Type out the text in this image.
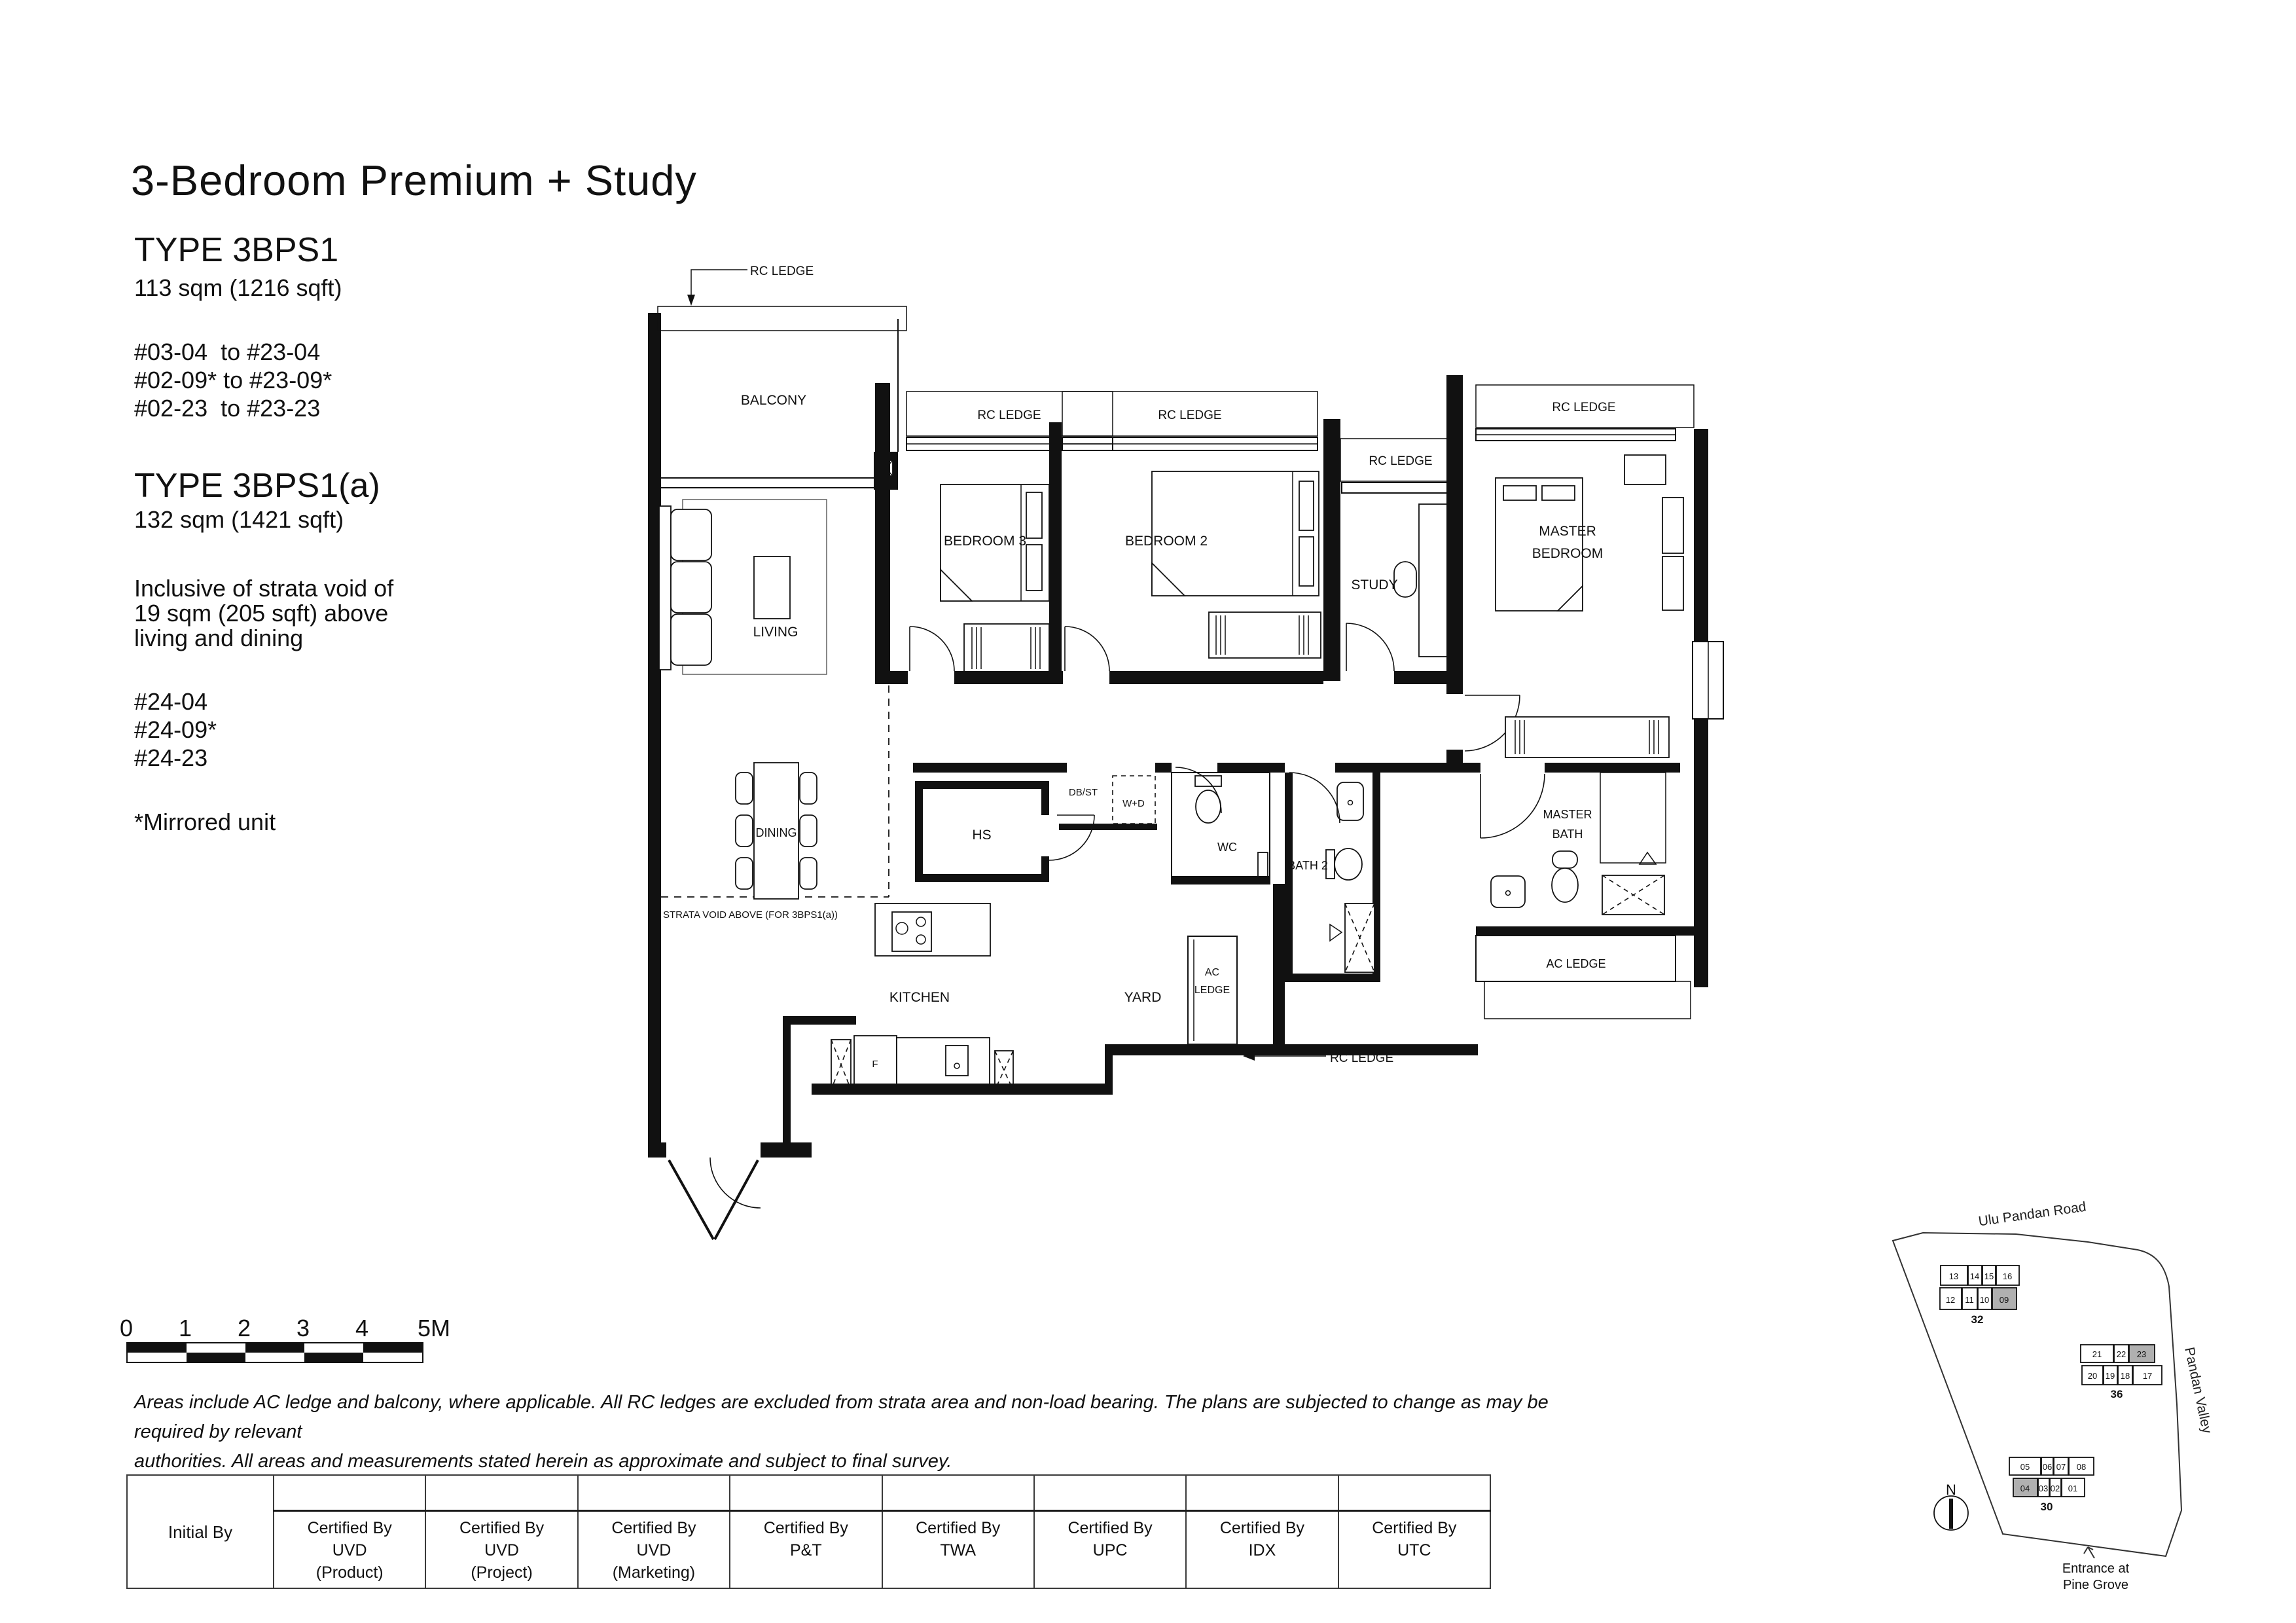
3-Bedroom Premium + Study
TYPE 3BPS1
113 sqm (1216 sqft)
#03-04  to #23-04
#02-09* to #23-09*
#02-23  to #23-23
TYPE 3BPS1(a)
132 sqm (1421 sqft)
Inclusive of strata void of
19 sqm (205 sqft) above
living and dining
#24-04
#24-09*
#24-23
*Mirrored unit
RC LEDGE
BALCONY
LIVING
RC LEDGE
BEDROOM 3
RC LEDGE
BEDROOM 2
RC LEDGE
STUDY
RC LEDGE
MASTER
BEDROOM
STRATA VOID ABOVE (FOR 3BPS1(a))
DINING	HS
DB/ST
W+D
WC
BATH 2
MASTER
BATH
AC LEDGE
KITCHEN
F
YARD
AC
LEDGE
RC LEDGE
Ulu Pandan Road
Pandan Valley
13 14 15 16
12 11 10 09
32
21 22 23
20 19 18 17
36
05 06 07 08
04 03 02 01
30
N
Entrance at
Pine Grove
0	1	2	3	4	5M
Areas include AC ledge and balcony, where applicable. All RC ledges are excluded from strata area and non-load bearing. The plans are subjected to change as may be required by relevant
authorities. All areas and measurements stated herein as approximate and subject to final survey.
Initial By								
	Certified By
UVD
(Product)	Certified By
UVD
(Project)	Certified By
UVD
(Marketing)	Certified By
P&T	Certified By
TWA	Certified By
UPC	Certified By
IDX	Certified By
UTC
